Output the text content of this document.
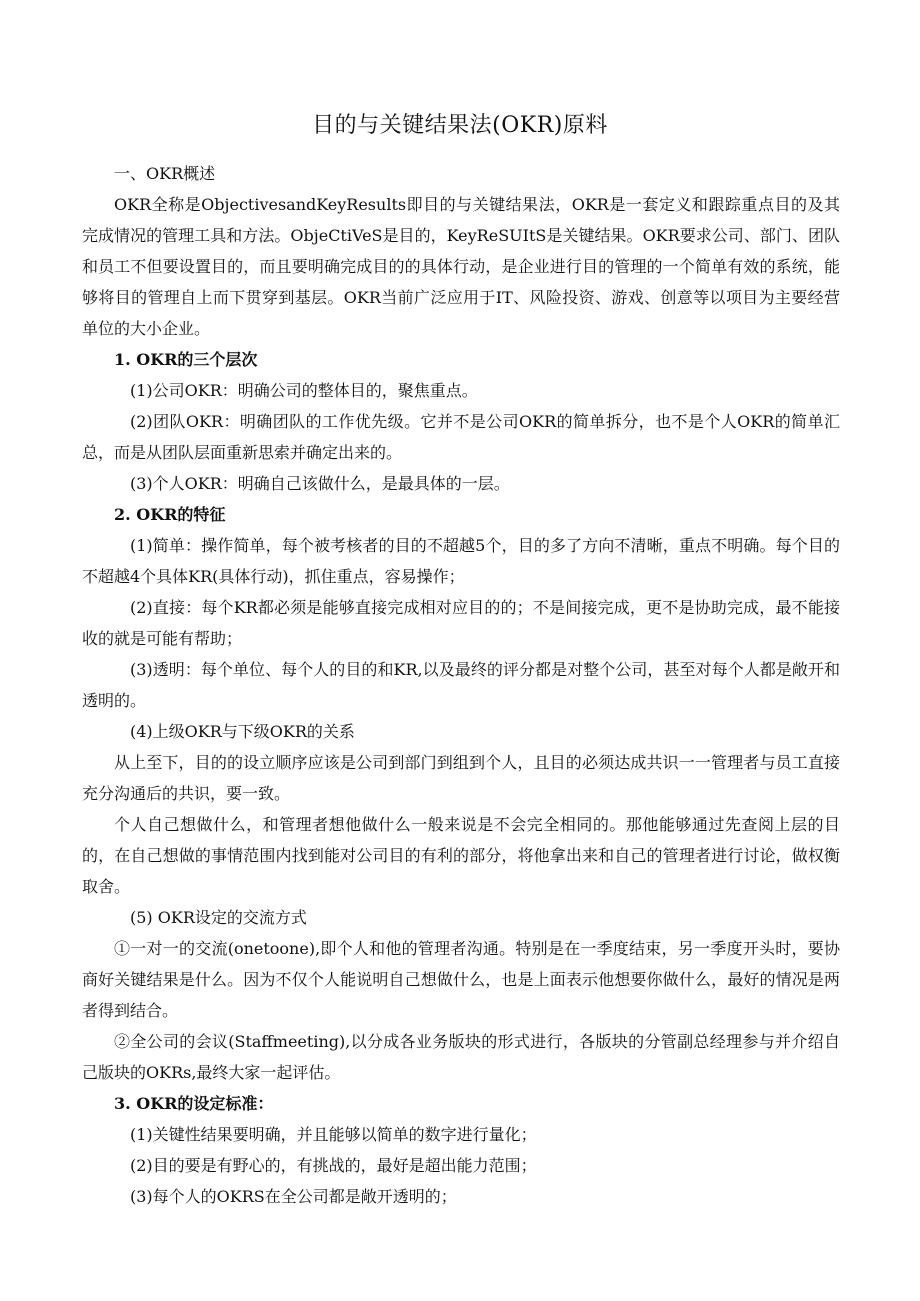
目的与关键结果法(OKR)原料

一、OKR概述

OKR全称是ObjectivesandKeyResults即目的与关键结果法，OKR是一套定义和跟踪重点目的及其完成情况的管理工具和方法。ObjeCtiVeS是目的，KeyReSUItS是关键结果。OKR要求公司、部门、团队和员工不但要设置目的，而且要明确完成目的的具体行动，是企业进行目的管理的一个简单有效的系统，能够将目的管理自上而下贯穿到基层。OKR当前广泛应用于IT、风险投资、游戏、创意等以项目为主要经营单位的大小企业。

1. OKR的三个层次

(1)公司OKR：明确公司的整体目的，聚焦重点。

(2)团队OKR：明确团队的工作优先级。它并不是公司OKR的简单拆分，也不是个人OKR的简单汇总，而是从团队层面重新思索并确定出来的。

(3)个人OKR：明确自己该做什么，是最具体的一层。

2. OKR的特征

(1)简单：操作简单，每个被考核者的目的不超越5个，目的多了方向不清晰，重点不明确。每个目的不超越4个具体KR(具体行动)，抓住重点，容易操作；

(2)直接：每个KR都必须是能够直接完成相对应目的的；不是间接完成，更不是协助完成，最不能接收的就是可能有帮助；

(3)透明：每个单位、每个人的目的和KR,以及最终的评分都是对整个公司，甚至对每个人都是敞开和透明的。

(4)上级OKR与下级OKR的关系

从上至下，目的的设立顺序应该是公司到部门到组到个人，且目的必须达成共识一一管理者与员工直接充分沟通后的共识，要一致。

个人自己想做什么，和管理者想他做什么一般来说是不会完全相同的。那他能够通过先查阅上层的目的，在自己想做的事情范围内找到能对公司目的有利的部分，将他拿出来和自己的管理者进行讨论，做权衡取舍。

(5) OKR设定的交流方式

①一对一的交流(onetoone),即个人和他的管理者沟通。特别是在一季度结束，另一季度开头时，要协商好关键结果是什么。因为不仅个人能说明自己想做什么，也是上面表示他想要你做什么，最好的情况是两者得到结合。

②全公司的会议(Staffmeeting),以分成各业务版块的形式进行，各版块的分管副总经理参与并介绍自己版块的OKRs,最终大家一起评估。

3. OKR的设定标准：

(1)关键性结果要明确，并且能够以简单的数字进行量化；

(2)目的要是有野心的，有挑战的，最好是超出能力范围；

(3)每个人的OKRS在全公司都是敞开透明的；
